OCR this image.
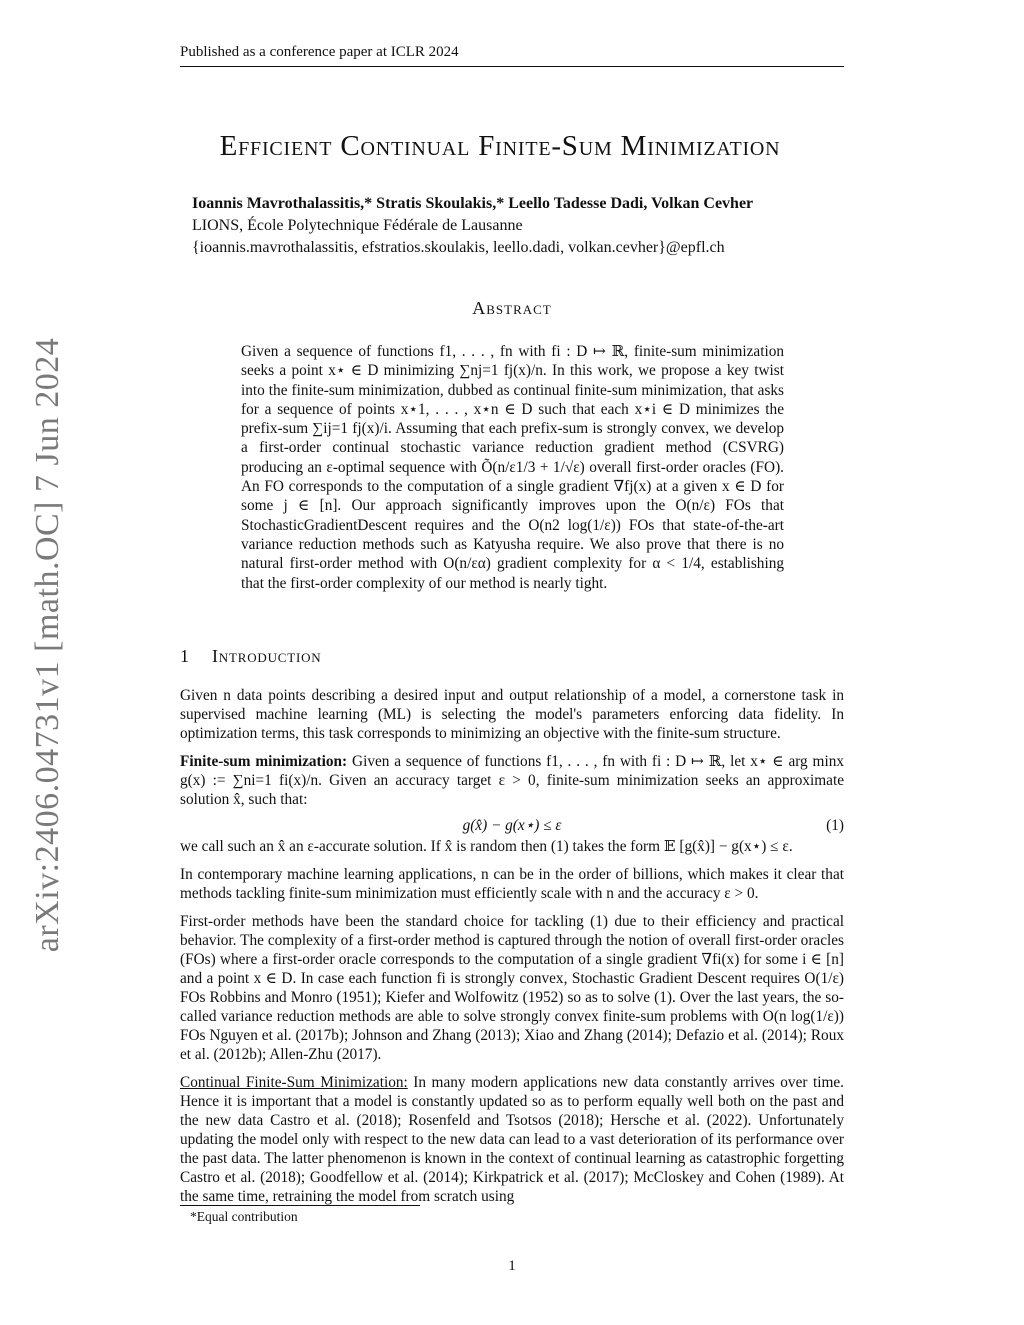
Published as a conference paper at ICLR 2024
arXiv:2406.04731v1 [math.OC] 7 Jun 2024
Efficient Continual Finite-Sum Minimization
Ioannis Mavrothalassitis,* Stratis Skoulakis,* Leello Tadesse Dadi, Volkan Cevher
LIONS, École Polytechnique Fédérale de Lausanne
{ioannis.mavrothalassitis, efstratios.skoulakis, leello.dadi, volkan.cevher}@epfl.ch
Abstract
Given a sequence of functions f1, . . . , fn with fi : D ↦ ℝ, finite-sum minimization seeks a point x⋆ ∈ D minimizing ∑nj=1 fj(x)/n. In this work, we propose a key twist into the finite-sum minimization, dubbed as continual finite-sum minimization, that asks for a sequence of points x⋆1, . . . , x⋆n ∈ D such that each x⋆i ∈ D minimizes the prefix-sum ∑ij=1 fj(x)/i. Assuming that each prefix-sum is strongly convex, we develop a first-order continual stochastic variance reduction gradient method (CSVRG) producing an ε-optimal sequence with Õ(n/ε1/3 + 1/√ε) overall first-order oracles (FO). An FO corresponds to the computation of a single gradient ∇fj(x) at a given x ∈ D for some j ∈ [n]. Our approach significantly improves upon the O(n/ε) FOs that StochasticGradientDescent requires and the O(n2 log(1/ε)) FOs that state-of-the-art variance reduction methods such as Katyusha require. We also prove that there is no natural first-order method with O(n/εα) gradient complexity for α < 1/4, establishing that the first-order complexity of our method is nearly tight.
1 Introduction

Given n data points describing a desired input and output relationship of a model, a cornerstone task in supervised machine learning (ML) is selecting the model's parameters enforcing data fidelity. In optimization terms, this task corresponds to minimizing an objective with the finite-sum structure.

Finite-sum minimization: Given a sequence of functions f1, . . . , fn with fi : D ↦ ℝ, let x⋆ ∈ arg minx g(x) := ∑ni=1 fi(x)/n. Given an accuracy target ε > 0, finite-sum minimization seeks an approximate solution x̂, such that:

g(x̂) − g(x⋆) ≤ ε	(1)

we call such an x̂ an ε-accurate solution. If x̂ is random then (1) takes the form 𝔼 [g(x̂)] − g(x⋆) ≤ ε.

In contemporary machine learning applications, n can be in the order of billions, which makes it clear that methods tackling finite-sum minimization must efficiently scale with n and the accuracy ε > 0.

First-order methods have been the standard choice for tackling (1) due to their efficiency and practical behavior. The complexity of a first-order method is captured through the notion of overall first-order oracles (FOs) where a first-order oracle corresponds to the computation of a single gradient ∇fi(x) for some i ∈ [n] and a point x ∈ D. In case each function fi is strongly convex, Stochastic Gradient Descent requires O(1/ε) FOs Robbins and Monro (1951); Kiefer and Wolfowitz (1952) so as to solve (1). Over the last years, the so-called variance reduction methods are able to solve strongly convex finite-sum problems with O(n log(1/ε)) FOs Nguyen et al. (2017b); Johnson and Zhang (2013); Xiao and Zhang (2014); Defazio et al. (2014); Roux et al. (2012b); Allen-Zhu (2017).

Continual Finite-Sum Minimization: In many modern applications new data constantly arrives over time. Hence it is important that a model is constantly updated so as to perform equally well both on the past and the new data Castro et al. (2018); Rosenfeld and Tsotsos (2018); Hersche et al. (2022). Unfortunately updating the model only with respect to the new data can lead to a vast deterioration of its performance over the past data. The latter phenomenon is known in the context of continual learning as catastrophic forgetting Castro et al. (2018); Goodfellow et al. (2014); Kirkpatrick et al. (2017); McCloskey and Cohen (1989). At the same time, retraining the model from scratch using

*Equal contribution
1
